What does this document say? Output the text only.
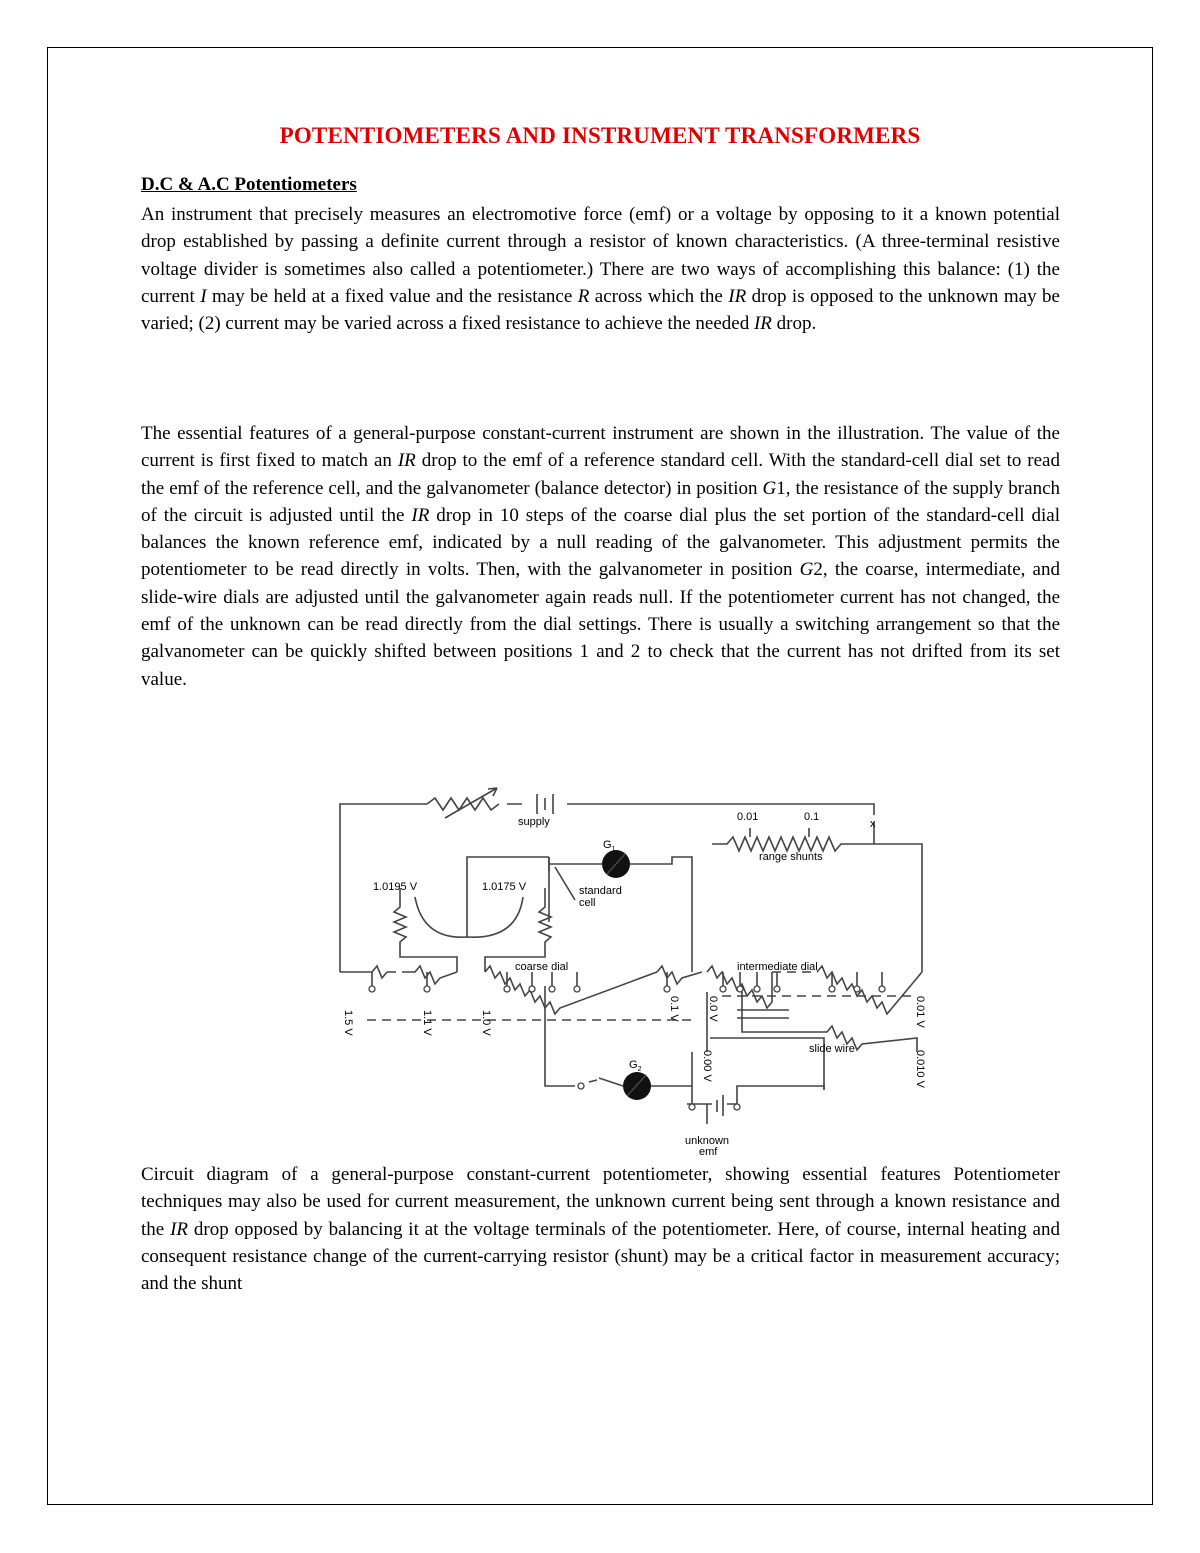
POTENTIOMETERS AND INSTRUMENT TRANSFORMERS
D.C & A.C Potentiometers

An instrument that precisely measures an electromotive force (emf) or a voltage by opposing to it a known potential drop established by passing a definite current through a resistor of known characteristics. (A three-terminal resistive voltage divider is sometimes also called a potentiometer.) There are two ways of accomplishing this balance: (1) the current I may be held at a fixed value and the resistance R across which the IR drop is opposed to the unknown may be varied; (2) current may be varied across a fixed resistance to achieve the needed IR drop.

The essential features of a general-purpose constant-current instrument are shown in the illustration. The value of the current is first fixed to match an IR drop to the emf of a reference standard cell. With the standard-cell dial set to read the emf of the reference cell, and the galvanometer (balance detector) in position G1, the resistance of the supply branch of the circuit is adjusted until the IR drop in 10 steps of the coarse dial plus the set portion of the standard-cell dial balances the known reference emf, indicated by a null reading of the galvanometer. This adjustment permits the potentiometer to be read directly in volts. Then, with the galvanometer in position G2, the coarse, intermediate, and slide-wire dials are adjusted until the galvanometer again reads null. If the potentiometer current has not changed, the emf of the unknown can be read directly from the dial settings. There is usually a switching arrangement so that the galvanometer can be quickly shifted between positions 1 and 2 to check that the current has not drifted from its set value.

supply	0.01	0.1
x
range shunts
$G_1$
standard
cell
1.0195 V	1.0175 V
coarse dial	intermediate dial
1.5 V	1.1 V	1.0 V
0.1 V 0.0 V	0.01 V
0.00 V	0.010 V
slide wire
$G_2$
unknown
emf

Circuit diagram of a general-purpose constant-current potentiometer, showing essential features Potentiometer techniques may also be used for current measurement, the unknown current being sent through a known resistance and the IR drop opposed by balancing it at the voltage terminals of the potentiometer. Here, of course, internal heating and consequent resistance change of the current-carrying resistor (shunt) may be a critical factor in measurement accuracy; and the shunt
